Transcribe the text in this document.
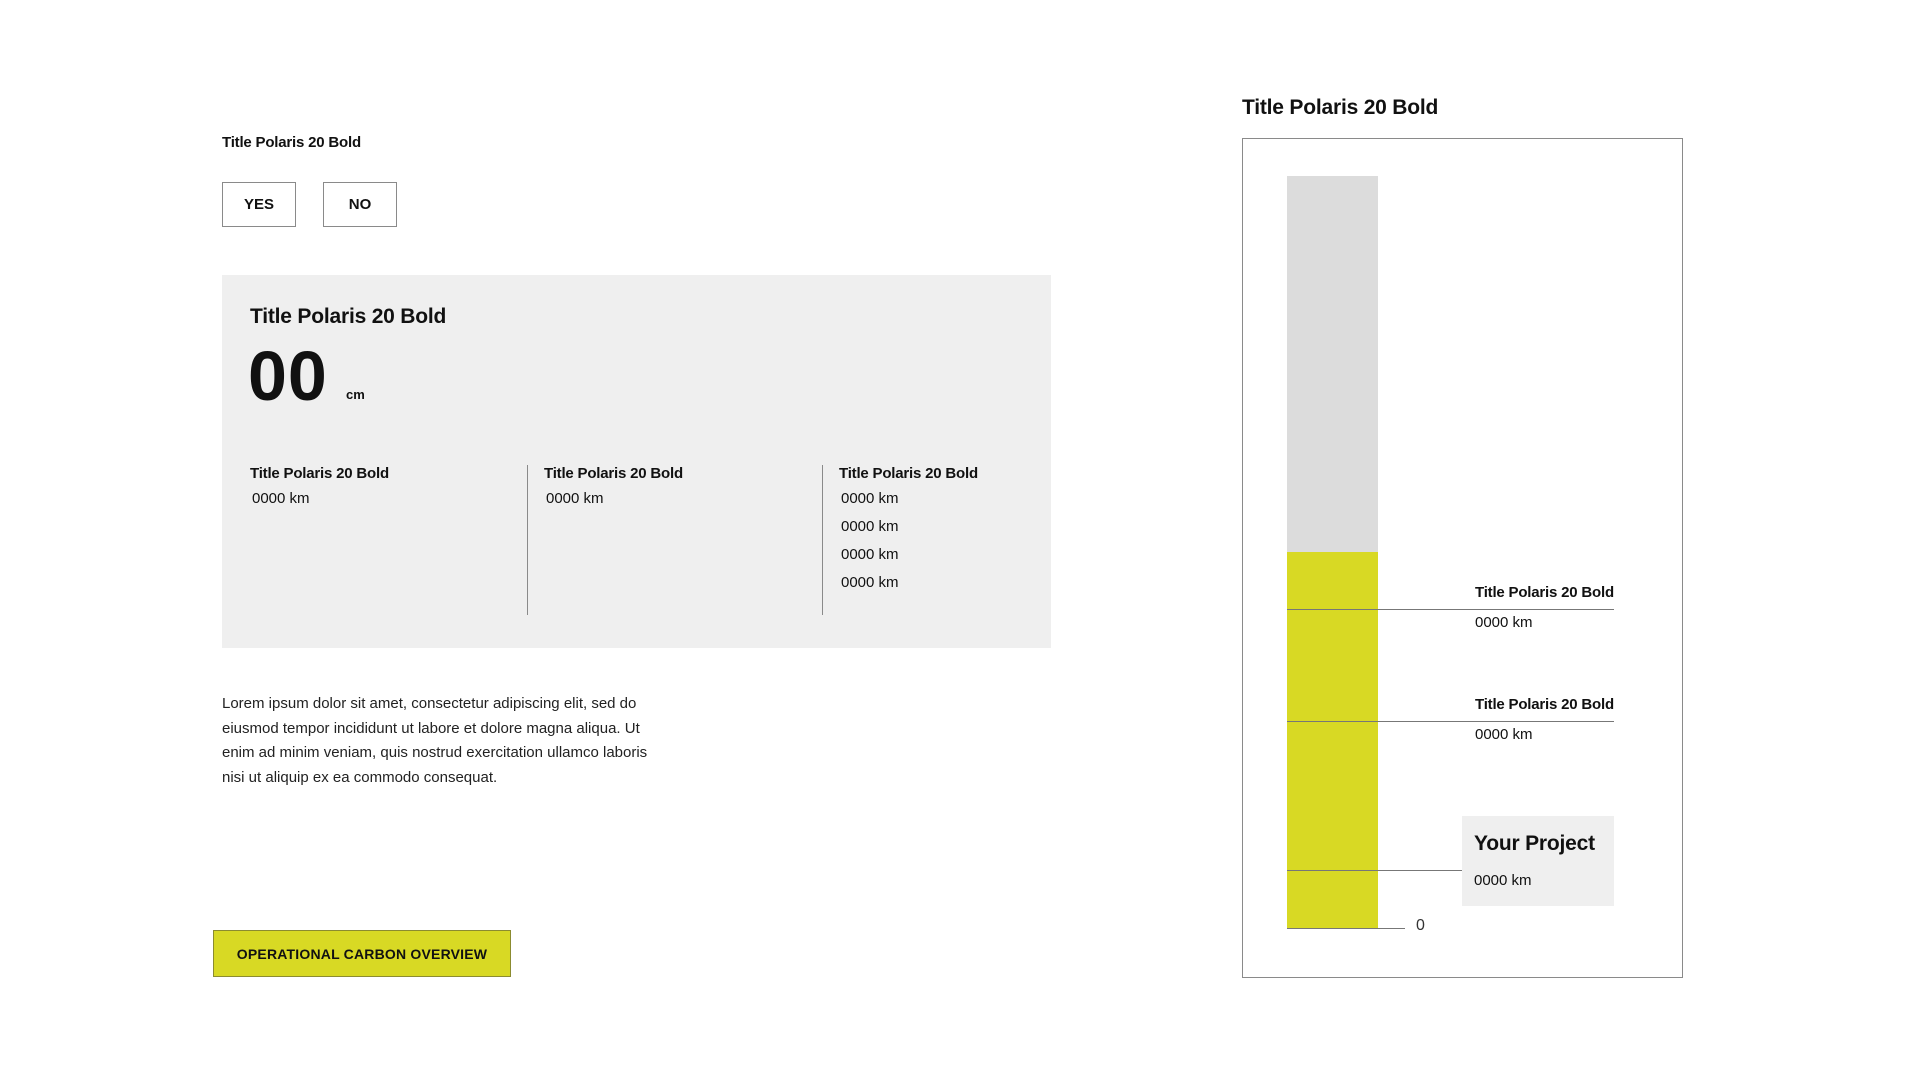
Title Polaris 20 Bold
YES	NO
Title Polaris 20 Bold
00 cm
Title Polaris 20 Bold
0000 km
Title Polaris 20 Bold
0000 km
Title Polaris 20 Bold
0000 km
0000 km
0000 km
0000 km
Lorem ipsum dolor sit amet, consectetur adipiscing elit, sed do eiusmod tempor incididunt ut labore et dolore magna aliqua. Ut enim ad minim veniam, quis nostrud exercitation ullamco laboris nisi ut aliquip ex ea commodo consequat.
OPERATIONAL CARBON OVERVIEW
Title Polaris 20 Bold
Title Polaris 20 Bold
0000 km
Title Polaris 20 Bold
0000 km
Your Project
0000 km
0
